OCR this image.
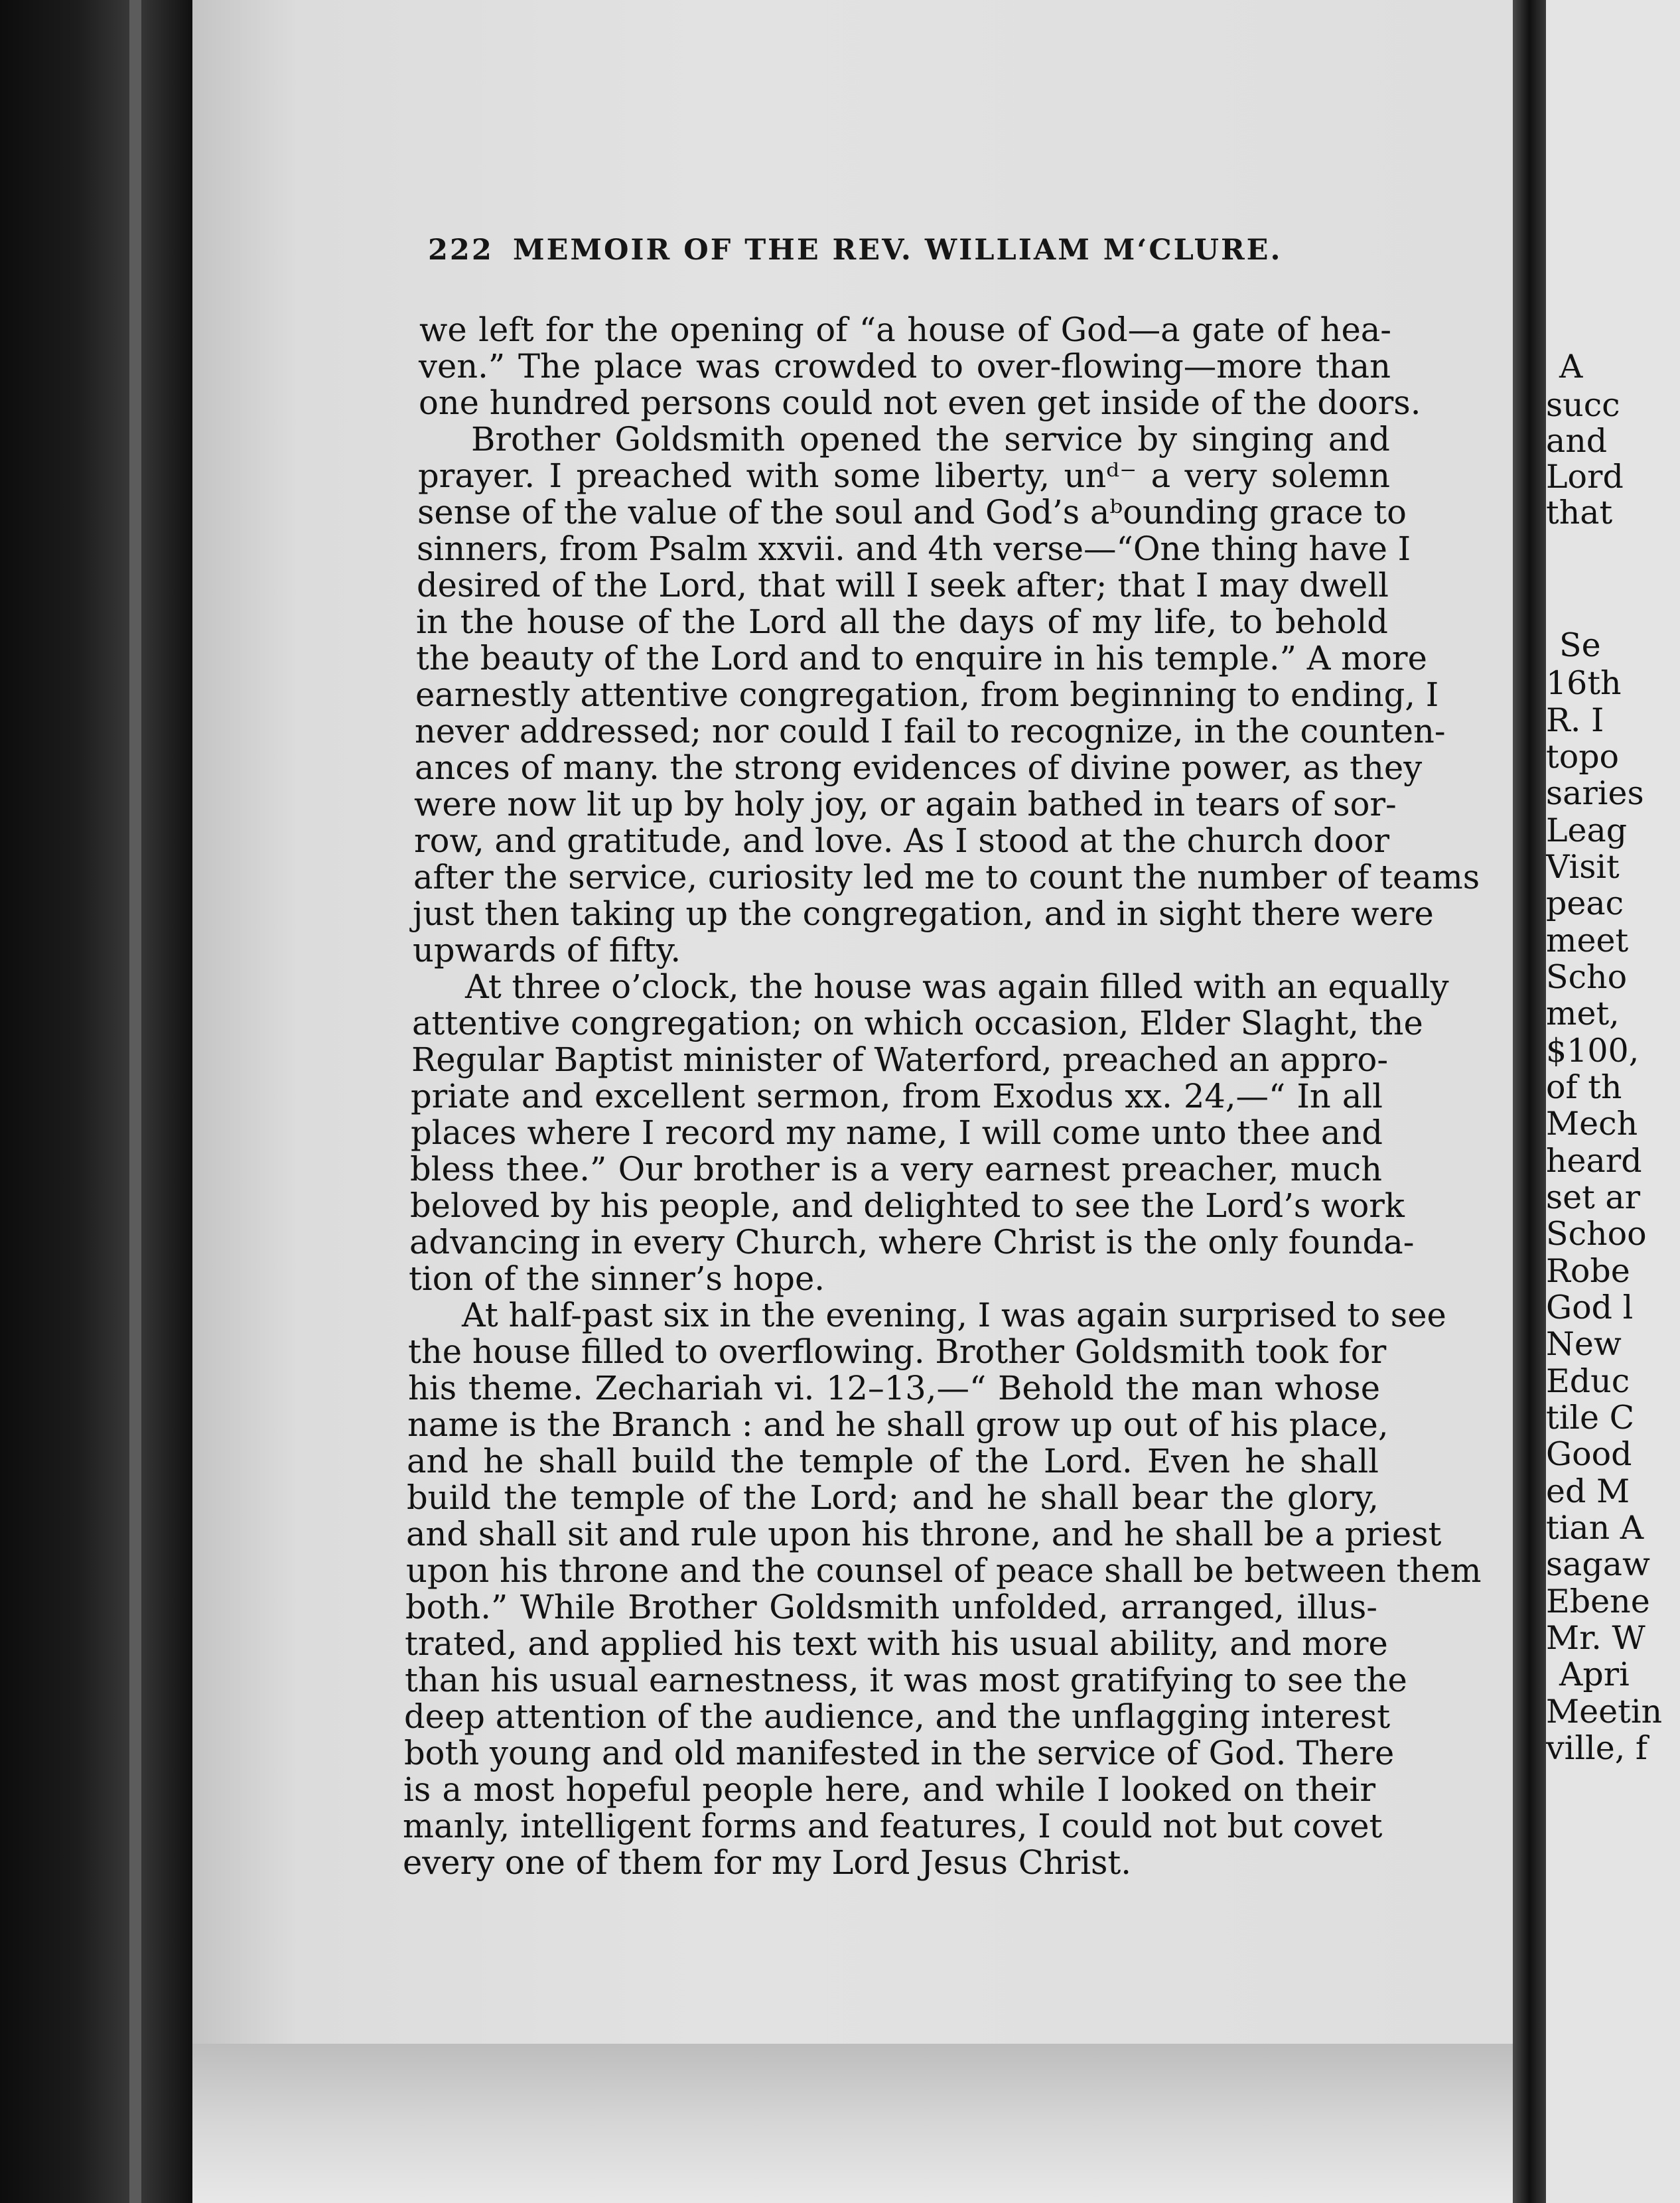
A
succ
and
Lord
that
Se
16th
R. I
topo
saries
Leag
Visit
peac
meet
Scho
met,
$100,
of th
Mech
heard
set ar
Schoo
Robe
God l
New
Educ
tile C
Good
ed M
tian A
sagaw
Ebene
Mr. W
Apri
Meetin
ville, f
222 MEMOIR OF THE REV. WILLIAM M‘CLURE.
we left for the opening of “a house of God—a gate of hea-
ven.” The place was crowded to over-flowing—more than
one hundred persons could not even get inside of the doors.
Brother Goldsmith opened the service by singing and
prayer. I preached with some liberty, unᵈ⁻ a very solemn
sense of the value of the soul and God’s aᵇounding grace to
sinners, from Psalm xxvii. and 4th verse—“One thing have I
desired of the Lord, that will I seek after; that I may dwell
in the house of the Lord all the days of my life, to behold
the beauty of the Lord and to enquire in his temple.” A more
earnestly attentive congregation, from beginning to ending, I
never addressed; nor could I fail to recognize, in the counten-
ances of many. the strong evidences of divine power, as they
were now lit up by holy joy, or again bathed in tears of sor-
row, and gratitude, and love. As I stood at the church door
after the service, curiosity led me to count the number of teams
just then taking up the congregation, and in sight there were
upwards of fifty.
At three o’clock, the house was again filled with an equally
attentive congregation; on which occasion, Elder Slaght, the
Regular Baptist minister of Waterford, preached an appro-
priate and excellent sermon, from Exodus xx. 24,—“ In all
places where I record my name, I will come unto thee and
bless thee.” Our brother is a very earnest preacher, much
beloved by his people, and delighted to see the Lord’s work
advancing in every Church, where Christ is the only founda-
tion of the sinner’s hope.
At half-past six in the evening, I was again surprised to see
the house filled to overflowing. Brother Goldsmith took for
his theme. Zechariah vi. 12–13,—“ Behold the man whose
name is the Branch : and he shall grow up out of his place,
and he shall build the temple of the Lord. Even he shall
build the temple of the Lord; and he shall bear the glory,
and shall sit and rule upon his throne, and he shall be a priest
upon his throne and the counsel of peace shall be between them
both.” While Brother Goldsmith unfolded, arranged, illus-
trated, and applied his text with his usual ability, and more
than his usual earnestness, it was most gratifying to see the
deep attention of the audience, and the unflagging interest
both young and old manifested in the service of God. There
is a most hopeful people here, and while I looked on their
manly, intelligent forms and features, I could not but covet
every one of them for my Lord Jesus Christ.
